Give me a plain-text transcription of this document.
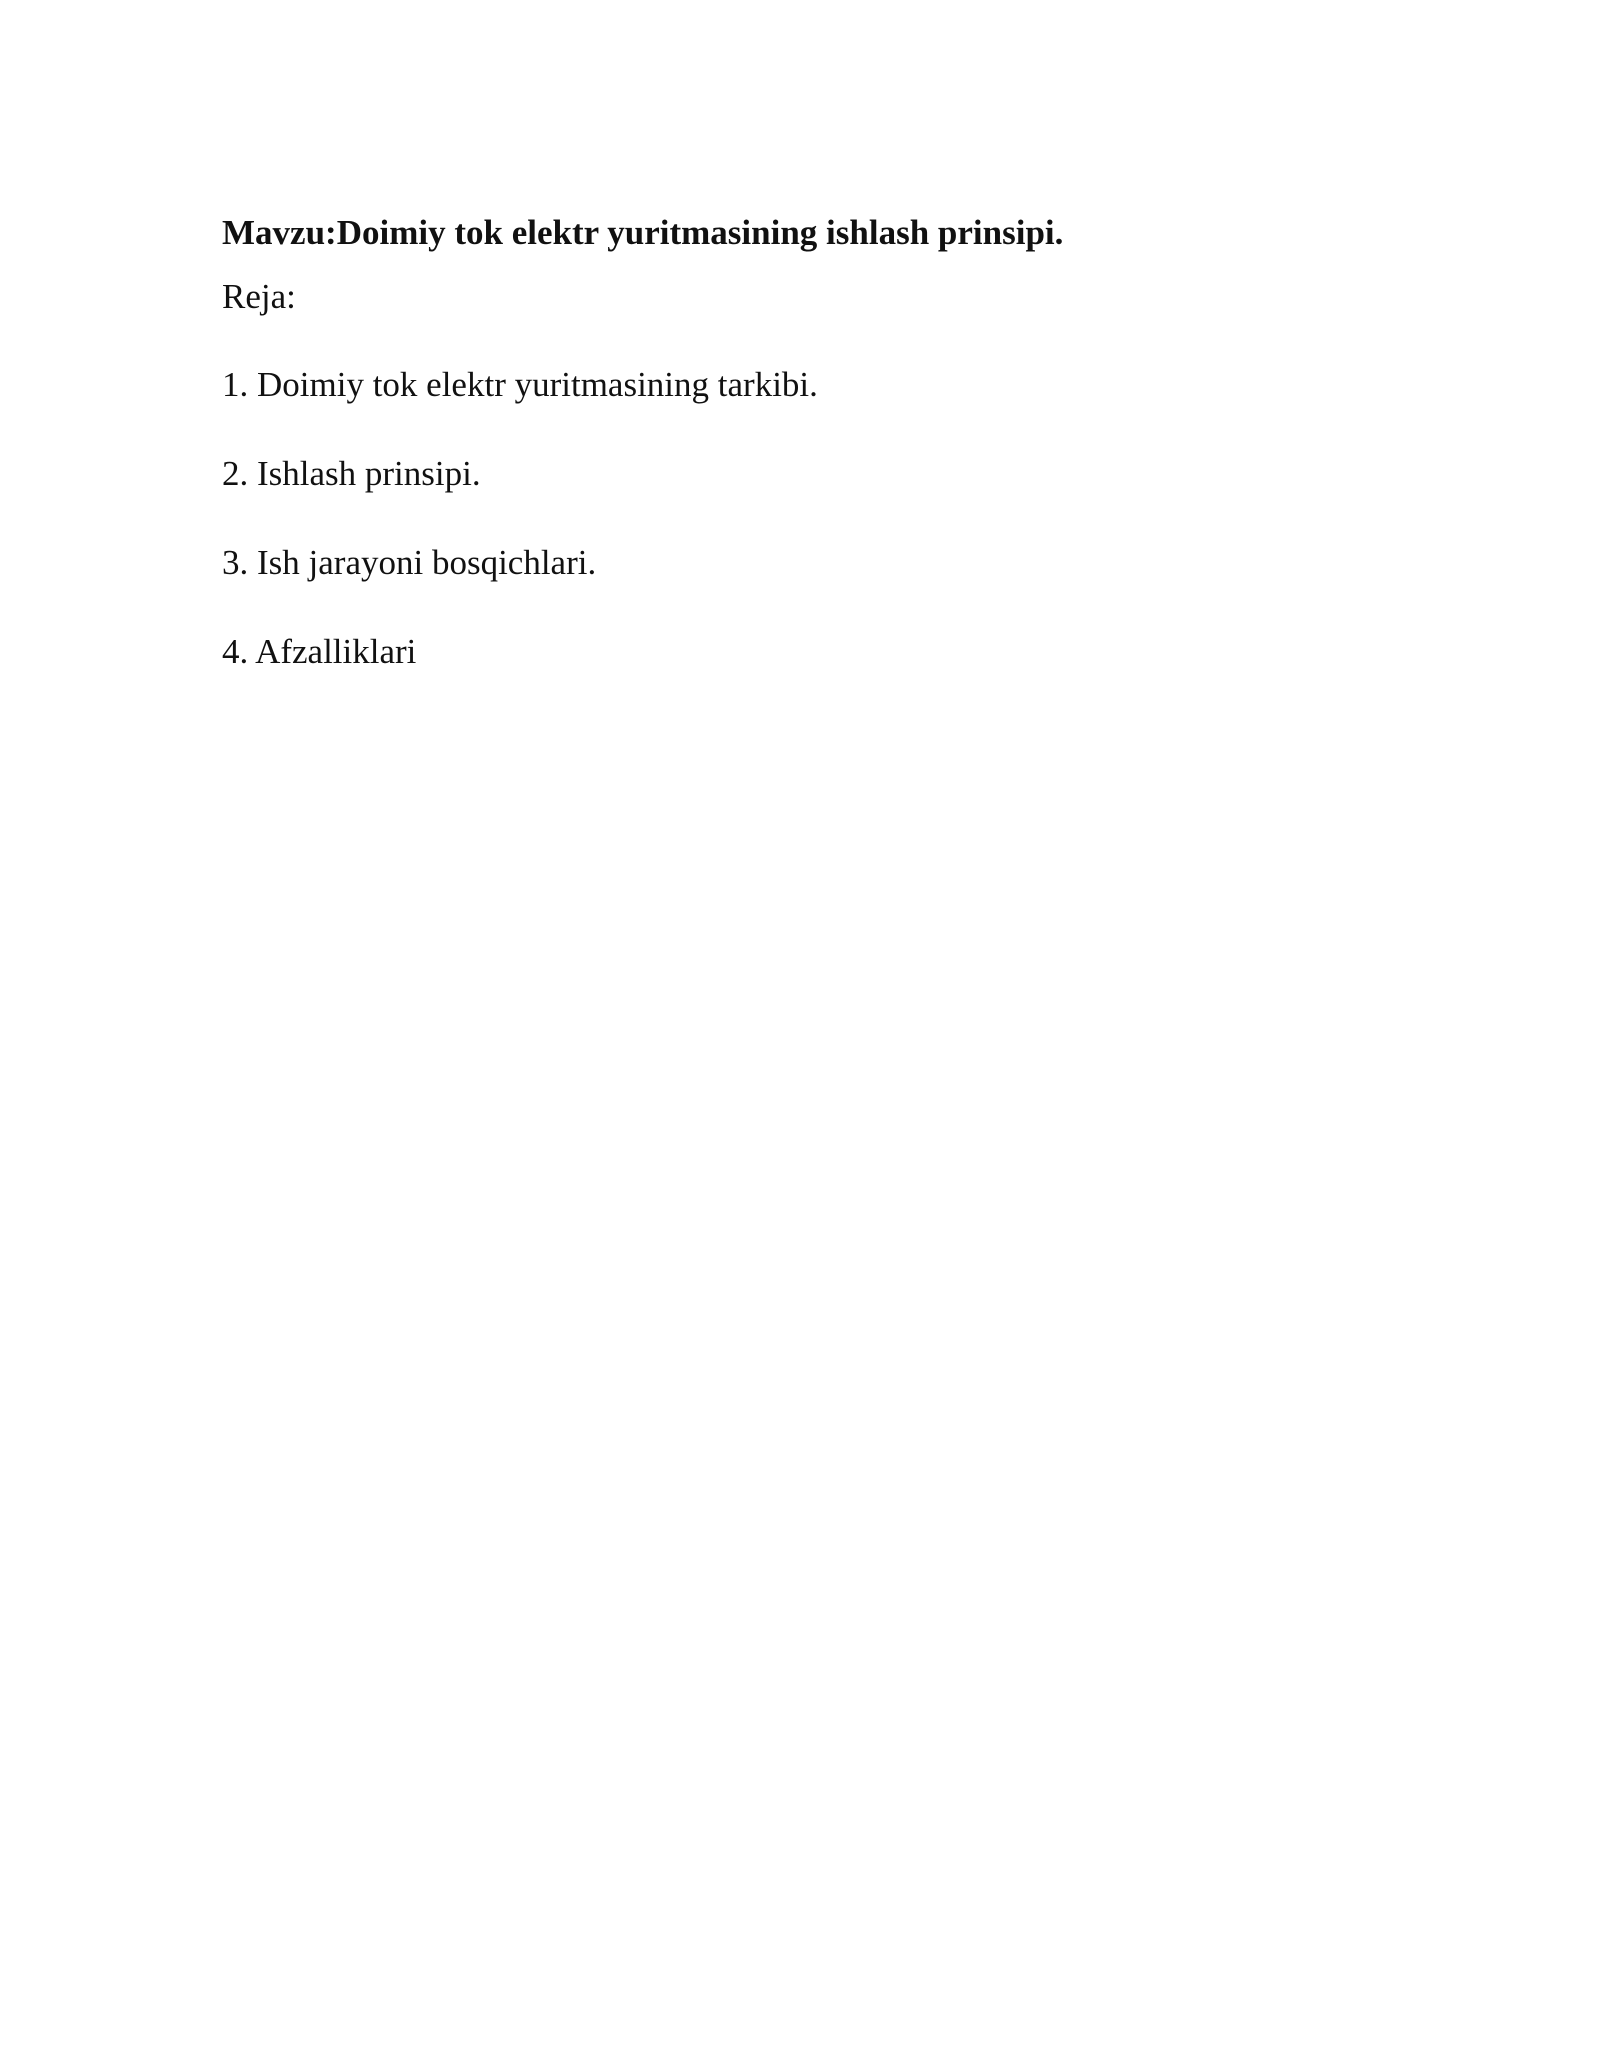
Mavzu:Doimiy tok elektr yuritmasining ishlash prinsipi.

Reja:

1. Doimiy tok elektr yuritmasining tarkibi.
2. Ishlash prinsipi.
3. Ish jarayoni bosqichlari.
4. Afzalliklari
